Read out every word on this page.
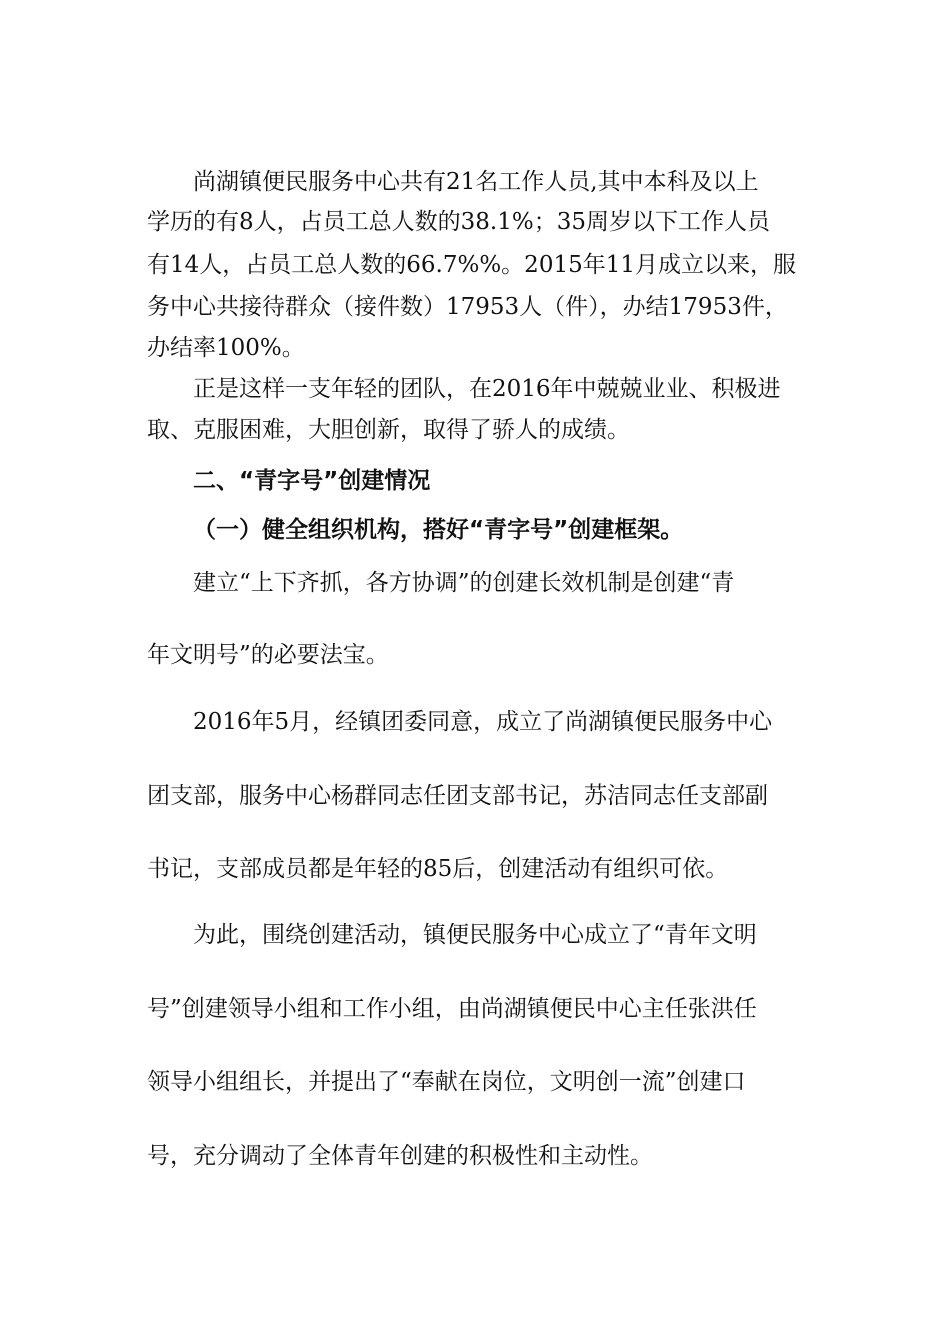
尚湖镇便民服务中心共有21名工作人员,其中本科及以上
学历的有8人，占员工总人数的38.1%；35周岁以下工作人员
有14人，占员工总人数的66.7%%。2015年11月成立以来，服
务中心共接待群众（接件数）17953人（件），办结17953件，
办结率100%。
正是这样一支年轻的团队，在2016年中兢兢业业、积极进
取、克服困难，大胆创新，取得了骄人的成绩。
二、“青字号”创建情况
（一）健全组织机构，搭好“青字号”创建框架。
建立“上下齐抓，各方协调”的创建长效机制是创建“青
年文明号”的必要法宝。
2016年5月，经镇团委同意，成立了尚湖镇便民服务中心
团支部，服务中心杨群同志任团支部书记，苏洁同志任支部副
书记，支部成员都是年轻的85后，创建活动有组织可依。
为此，围绕创建活动，镇便民服务中心成立了“青年文明
号”创建领导小组和工作小组，由尚湖镇便民中心主任张洪任
领导小组组长，并提出了“奉献在岗位，文明创一流”创建口
号，充分调动了全体青年创建的积极性和主动性。
